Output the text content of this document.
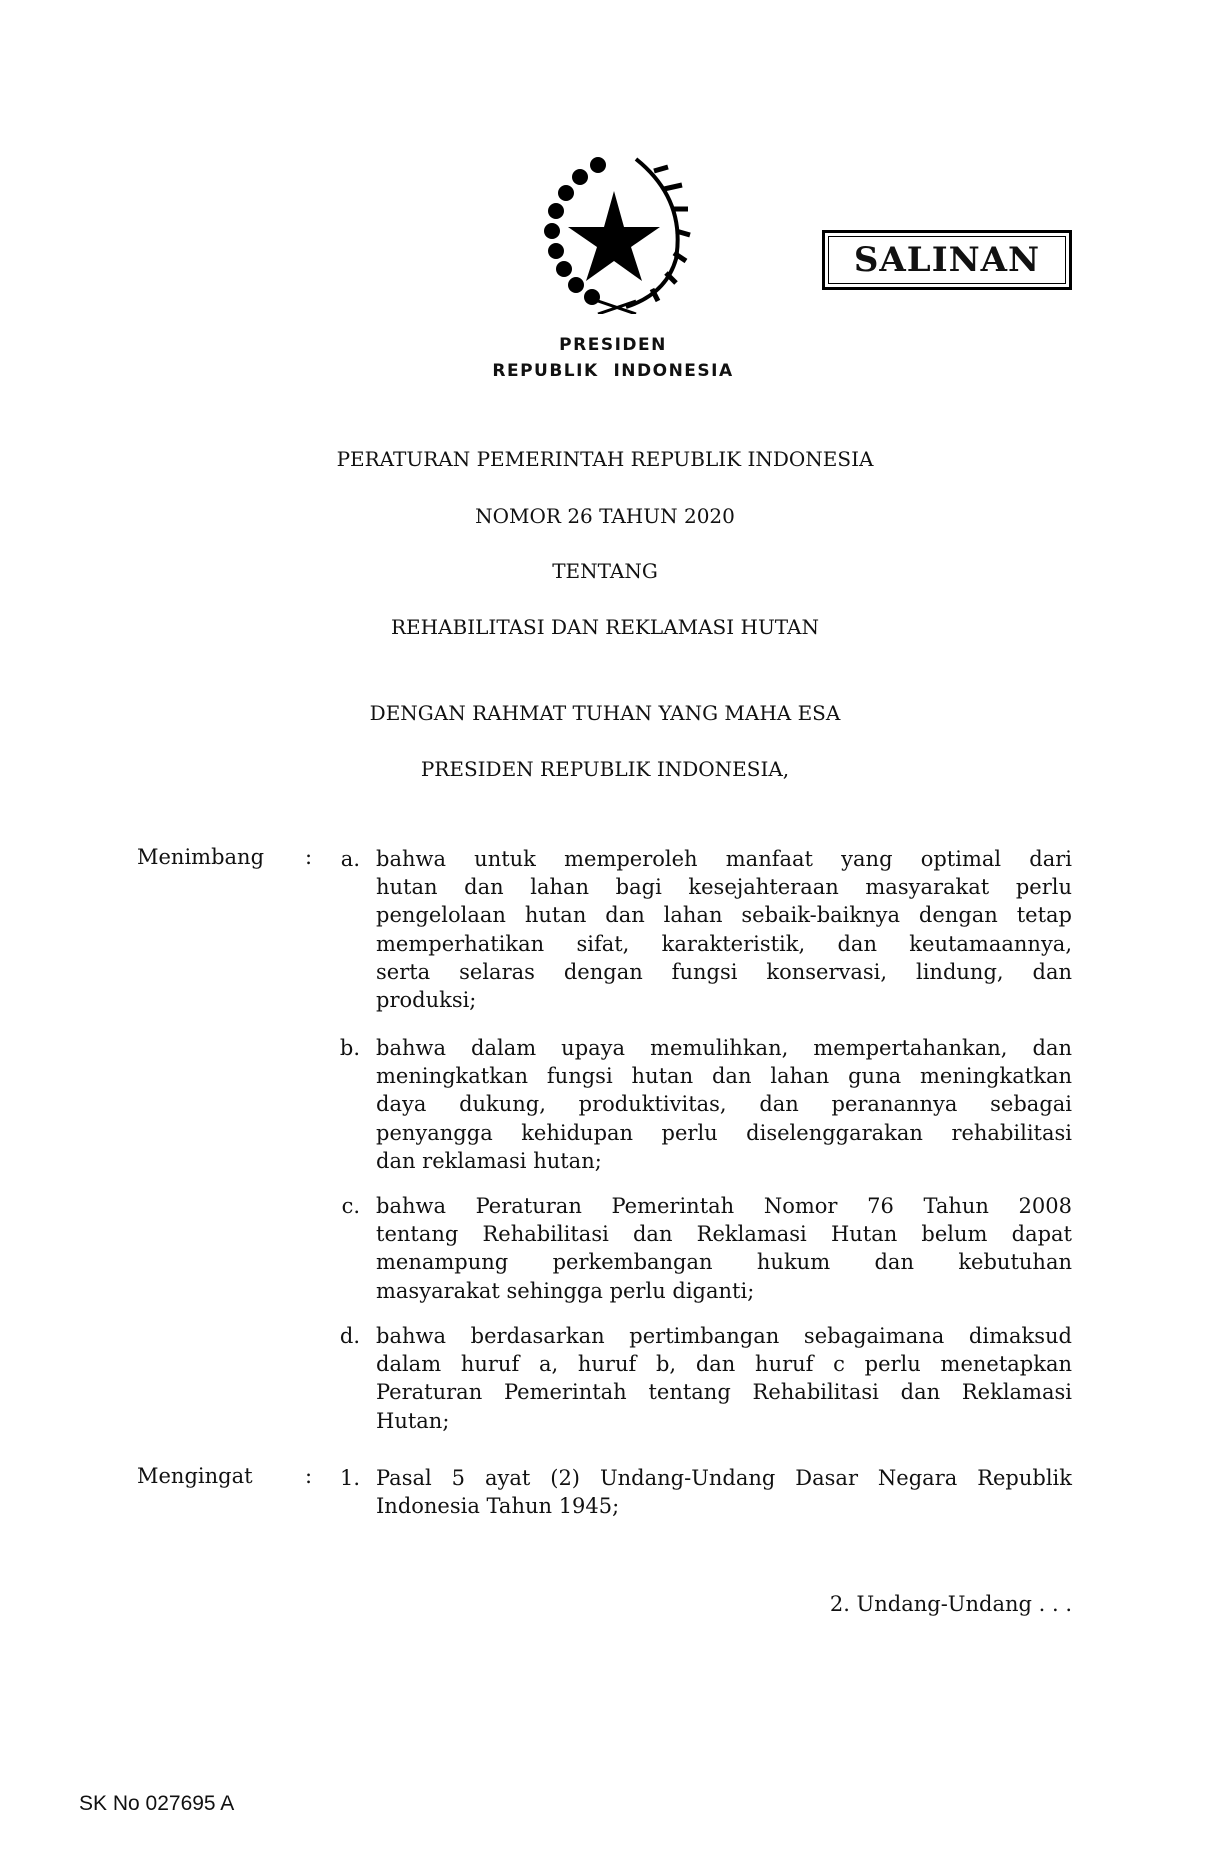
SALINAN
PRESIDEN
REPUBLIK  INDONESIA
PERATURAN PEMERINTAH REPUBLIK INDONESIA
NOMOR 26 TAHUN 2020
TENTANG
REHABILITASI DAN REKLAMASI HUTAN
DENGAN RAHMAT TUHAN YANG MAHA ESA
PRESIDEN REPUBLIK INDONESIA,
Menimbang :
Mengingat :
a. bahwa untuk memperoleh manfaat yang optimal dari
hutan dan lahan bagi kesejahteraan masyarakat perlu
pengelolaan hutan dan lahan sebaik-baiknya dengan tetap
memperhatikan sifat, karakteristik, dan keutamaannya,
serta selaras dengan fungsi konservasi, lindung, dan
produksi;
b. bahwa dalam upaya memulihkan, mempertahankan, dan
meningkatkan fungsi hutan dan lahan guna meningkatkan
daya dukung, produktivitas, dan peranannya sebagai
penyangga kehidupan perlu diselenggarakan rehabilitasi
dan reklamasi hutan;
c. bahwa Peraturan Pemerintah Nomor 76 Tahun 2008
tentang Rehabilitasi dan Reklamasi Hutan belum dapat
menampung perkembangan hukum dan kebutuhan
masyarakat sehingga perlu diganti;
d. bahwa berdasarkan pertimbangan sebagaimana dimaksud
dalam huruf a, huruf b, dan huruf c perlu menetapkan
Peraturan Pemerintah tentang Rehabilitasi dan Reklamasi
Hutan;
1. Pasal 5 ayat (2) Undang-Undang Dasar Negara Republik
Indonesia Tahun 1945;
2. Undang-Undang . . .
SK No 027695 A
